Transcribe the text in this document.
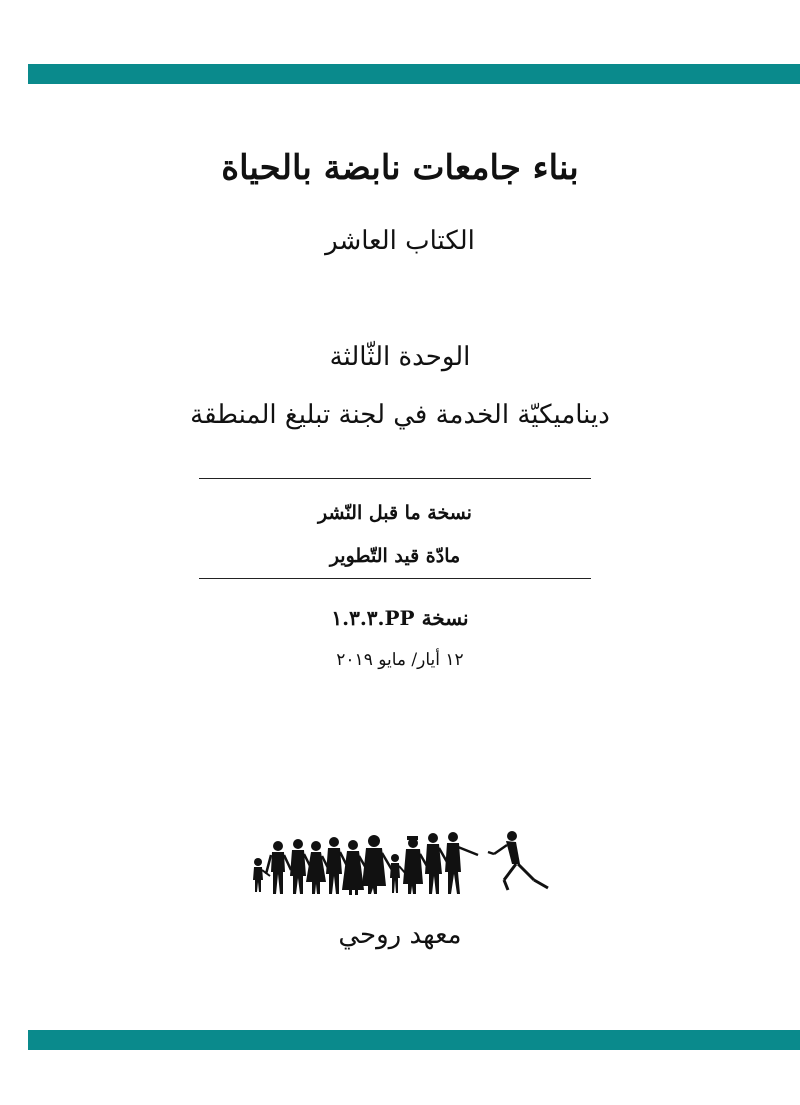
بناء جامعات نابضة بالحياة
الكتاب العاشر
الوحدة الثّالثة
ديناميكيّة الخدمة في لجنة تبليغ المنطقة
نسخة ما قبل النّشر
مادّة قيد التّطوير
نسخة ١.٣.٣.PP
١٢ أيار/ مايو ٢٠١٩
معهد روحي
